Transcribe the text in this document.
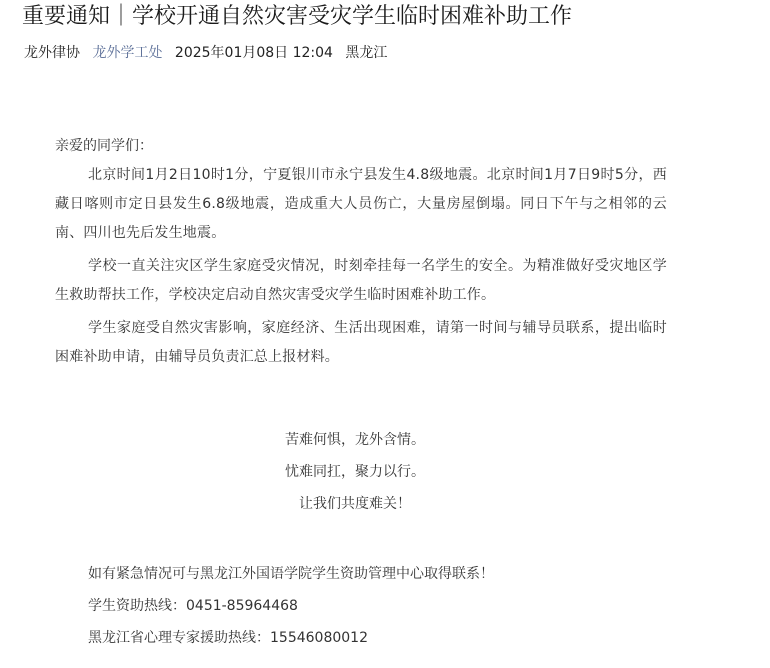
重要通知｜学校开通自然灾害受灾学生临时困难补助工作
龙外律协 龙外学工处 2025年01月08日 12:04 黑龙江

亲爱的同学们：

北京时间1月2日10时1分，宁夏银川市永宁县发生4.8级地震。北京时间1月7日9时5分，西藏日喀则市定日县发生6.8级地震，造成重大人员伤亡，大量房屋倒塌。同日下午与之相邻的云南、四川也先后发生地震。

学校一直关注灾区学生家庭受灾情况，时刻牵挂每一名学生的安全。为精准做好受灾地区学生救助帮扶工作，学校决定启动自然灾害受灾学生临时困难补助工作。

学生家庭受自然灾害影响，家庭经济、生活出现困难，请第一时间与辅导员联系，提出临时困难补助申请，由辅导员负责汇总上报材料。

苦难何惧，龙外含情。
忧难同扛，聚力以行。
让我们共度难关！
如有紧急情况可与黑龙江外国语学院学生资助管理中心取得联系！
学生资助热线：0451-85964468
黑龙江省心理专家援助热线：15546080012
